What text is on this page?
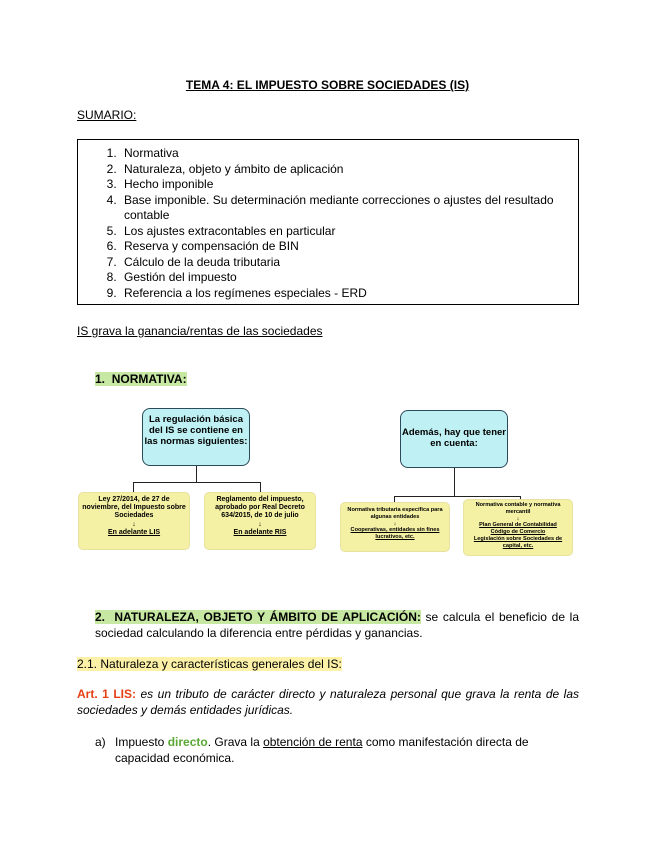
TEMA 4: EL IMPUESTO SOBRE SOCIEDADES (IS)
SUMARIO:
1. Normativa
2. Naturaleza, objeto y ámbito de aplicación
3. Hecho imponible
4. Base imponible. Su determinación mediante correcciones o ajustes del resultado contable
5. Los ajustes extracontables en particular
6. Reserva y compensación de BIN
7. Cálculo de la deuda tributaria
8. Gestión del impuesto
9. Referencia a los regímenes especiales - ERD
IS grava la ganancia/rentas de las sociedades
1. NORMATIVA:
La regulación básica del IS se contiene en las normas siguientes:
Ley 27/2014, de 27 de noviembre, del Impuesto sobre Sociedades
↓
En adelante LIS
Reglamento del impuesto, aprobado por Real Decreto 634/2015, de 10 de julio
↓
En adelante RIS
Además, hay que tener en cuenta:
Normativa tributaria específica para algunas entidades
↓
Cooperativas, entidades sin fines lucrativos, etc.
Normativa contable y normativa mercantil
↓
Plan General de Contabilidad
Código de Comercio
Legislación sobre Sociedades de capital, etc.
2. NATURALEZA, OBJETO Y ÁMBITO DE APLICACIÓN: se calcula el beneficio de la sociedad calculando la diferencia entre pérdidas y ganancias.
2.1. Naturaleza y características generales del IS:
Art. 1 LIS: es un tributo de carácter directo y naturaleza personal que grava la renta de las sociedades y demás entidades jurídicas.
a) Impuesto directo. Grava la obtención de renta como manifestación directa de capacidad económica.
